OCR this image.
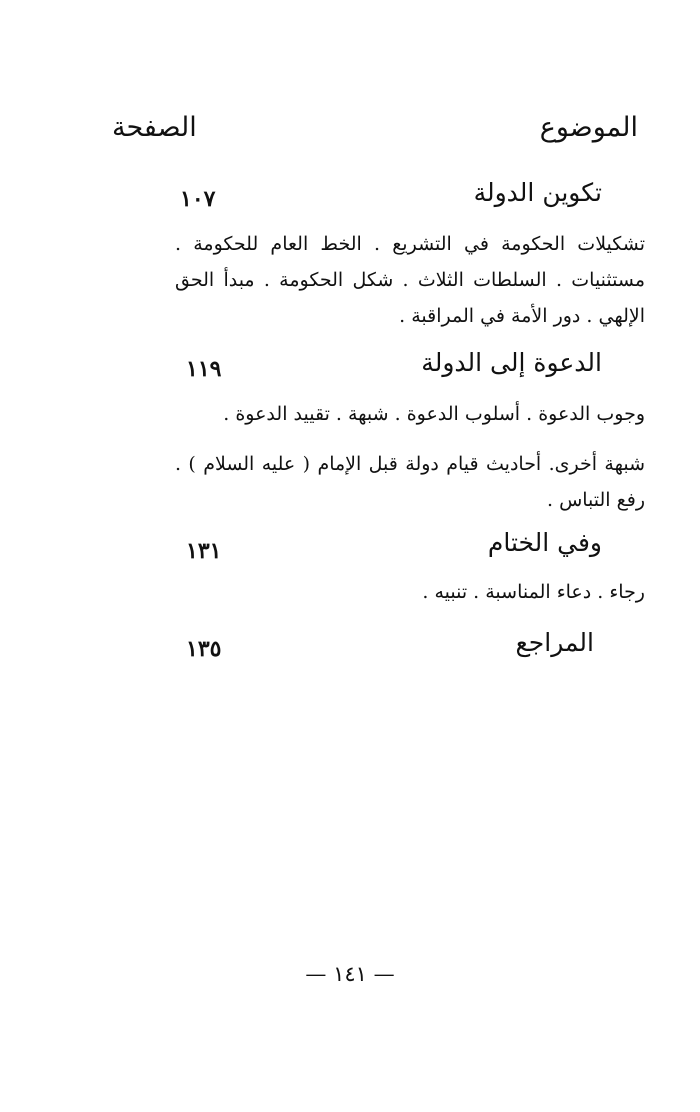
الموضوع
الصفحة
تكوين الدولة
١٠٧
تشكيلات الحكومة في التشريع . الخط العام للحكومة . مستثنيات . السلطات الثلاث . شكل الحكومة . مبدأ الحق الإلهي . دور الأمة في المراقبة .
الدعوة إلى الدولة
١١٩
وجوب الدعوة . أسلوب الدعوة . شبهة . تقييد الدعوة .
شبهة أخرى. أحاديث قيام دولة قبل الإمام ( عليه السلام ) . رفع التباس .
وفي الختام
١٣١
رجاء . دعاء المناسبة . تنبيه .
المراجع
١٣٥
— ١٤١ —
